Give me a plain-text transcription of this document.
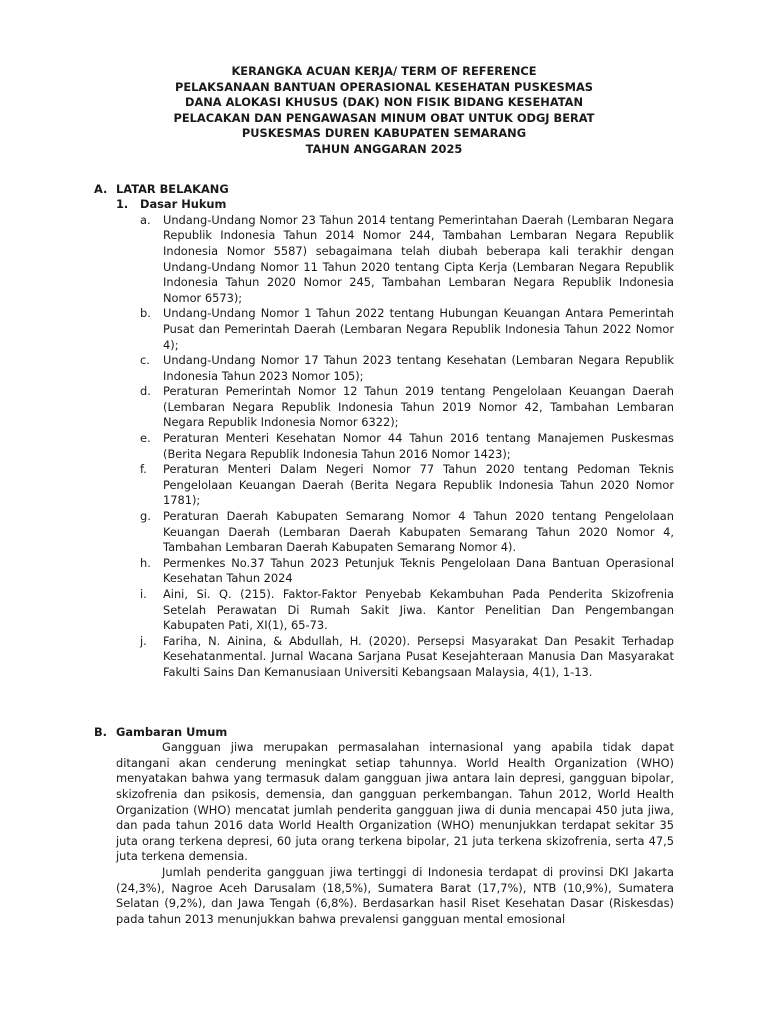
KERANGKA ACUAN KERJA/ TERM OF REFERENCE
PELAKSANAAN BANTUAN OPERASIONAL KESEHATAN PUSKESMAS
DANA ALOKASI KHUSUS (DAK) NON FISIK BIDANG KESEHATAN
PELACAKAN DAN PENGAWASAN MINUM OBAT UNTUK ODGJ BERAT
PUSKESMAS DUREN KABUPATEN SEMARANG
TAHUN ANGGARAN 2025
A. LATAR BELAKANG
1.	Dasar Hukum
a.	Undang-Undang Nomor 23 Tahun 2014 tentang Pemerintahan Daerah (Lembaran Negara Republik Indonesia Tahun 2014 Nomor 244, Tambahan Lembaran Negara Republik Indonesia Nomor 5587) sebagaimana telah diubah beberapa kali terakhir dengan Undang-Undang Nomor 11 Tahun 2020 tentang Cipta Kerja (Lembaran Negara Republik Indonesia Tahun 2020 Nomor 245, Tambahan Lembaran Negara Republik Indonesia Nomor 6573);
b.	Undang-Undang Nomor 1 Tahun 2022 tentang Hubungan Keuangan Antara Pemerintah Pusat dan Pemerintah Daerah (Lembaran Negara Republik Indonesia Tahun 2022 Nomor 4);
c.	Undang-Undang Nomor 17 Tahun 2023 tentang Kesehatan (Lembaran Negara Republik Indonesia Tahun 2023 Nomor 105);
d.	Peraturan Pemerintah Nomor 12 Tahun 2019 tentang Pengelolaan Keuangan Daerah (Lembaran Negara Republik Indonesia Tahun 2019 Nomor 42, Tambahan Lembaran Negara Republik Indonesia Nomor 6322);
e.	Peraturan Menteri Kesehatan Nomor 44 Tahun 2016 tentang Manajemen Puskesmas (Berita Negara Republik Indonesia Tahun 2016 Nomor 1423);
f.	Peraturan Menteri Dalam Negeri Nomor 77 Tahun 2020 tentang Pedoman Teknis Pengelolaan Keuangan Daerah (Berita Negara Republik Indonesia Tahun 2020 Nomor 1781);
g.	Peraturan Daerah Kabupaten Semarang Nomor 4 Tahun 2020 tentang Pengelolaan Keuangan Daerah (Lembaran Daerah Kabupaten Semarang Tahun 2020 Nomor 4, Tambahan Lembaran Daerah Kabupaten Semarang Nomor 4).
h.	Permenkes No.37 Tahun 2023 Petunjuk Teknis Pengelolaan Dana Bantuan Operasional Kesehatan Tahun 2024
i.	Aini, Si. Q. (215). Faktor-Faktor Penyebab Kekambuhan Pada Penderita Skizofrenia Setelah Perawatan Di Rumah Sakit Jiwa. Kantor Penelitian Dan Pengembangan Kabupaten Pati, XI(1), 65-73.
j.	Fariha, N. Ainina, & Abdullah, H. (2020). Persepsi Masyarakat Dan Pesakit Terhadap Kesehatanmental. Jurnal Wacana Sarjana Pusat Kesejahteraan Manusia Dan Masyarakat Fakulti Sains Dan Kemanusiaan Universiti Kebangsaan Malaysia, 4(1), 1-13.
B. Gambaran Umum
Gangguan jiwa merupakan permasalahan internasional yang apabila tidak dapat ditangani akan cenderung meningkat setiap tahunnya. World Health Organization (WHO) menyatakan bahwa yang termasuk dalam gangguan jiwa antara lain depresi, gangguan bipolar, skizofrenia dan psikosis, demensia, dan gangguan perkembangan. Tahun 2012, World Health Organization (WHO) mencatat jumlah penderita gangguan jiwa di dunia mencapai 450 juta jiwa, dan pada tahun 2016 data World Health Organization (WHO) menunjukkan terdapat sekitar 35 juta orang terkena depresi, 60 juta orang terkena bipolar, 21 juta terkena skizofrenia, serta 47,5 juta terkena demensia.
Jumlah penderita gangguan jiwa tertinggi di Indonesia terdapat di provinsi DKI Jakarta (24,3%), Nagroe Aceh Darusalam (18,5%), Sumatera Barat (17,7%), NTB (10,9%), Sumatera Selatan (9,2%), dan Jawa Tengah (6,8%). Berdasarkan hasil Riset Kesehatan Dasar (Riskesdas) pada tahun 2013 menunjukkan bahwa prevalensi gangguan mental emosional
